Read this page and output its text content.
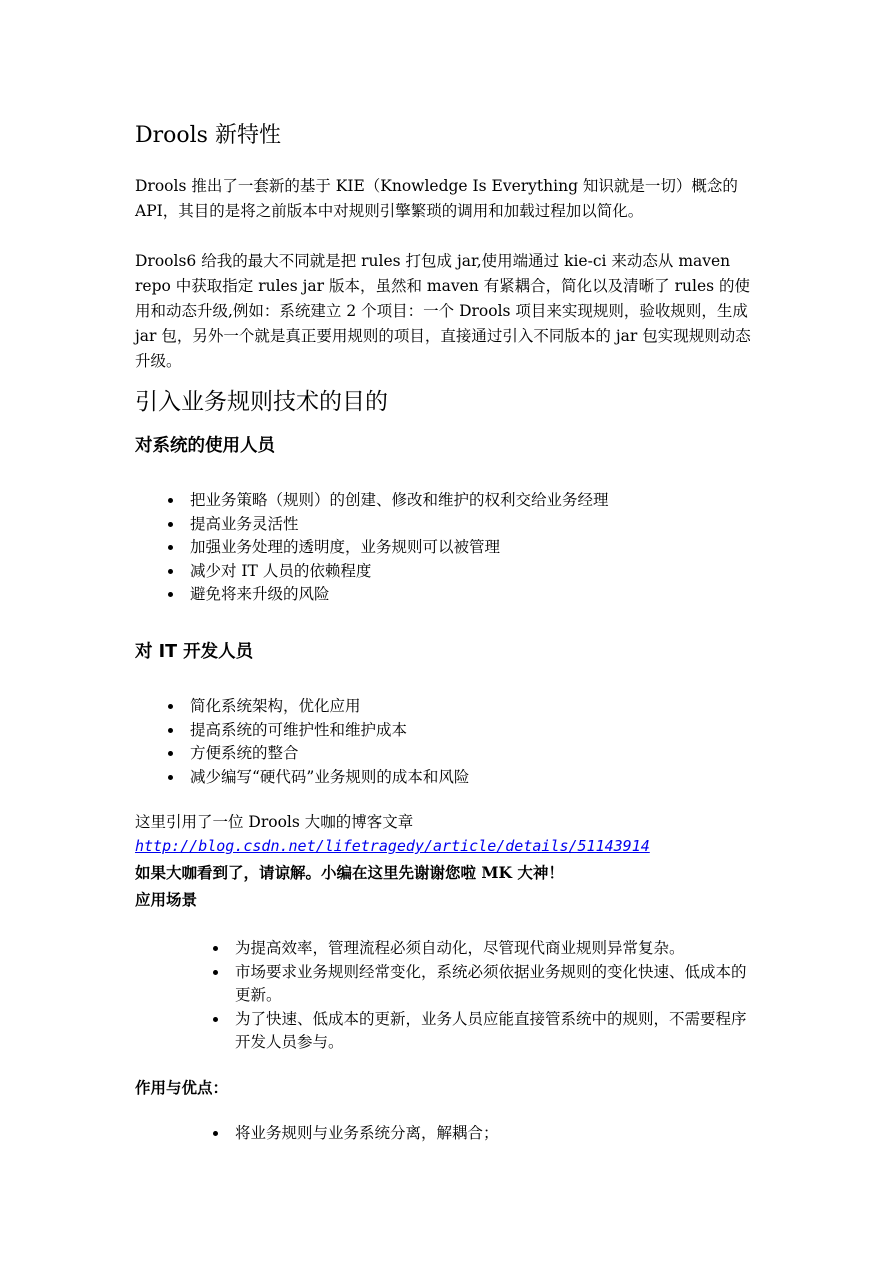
Drools 新特性

Drools 推出了一套新的基于 KIE（Knowledge Is Everything 知识就是一切）概念的 API，其目的是将之前版本中对规则引擎繁琐的调用和加载过程加以简化。

Drools6 给我的最大不同就是把 rules 打包成 jar,使用端通过 kie-ci 来动态从 maven repo 中获取指定 rules jar 版本，虽然和 maven 有紧耦合，简化以及清晰了 rules 的使用和动态升级,例如：系统建立 2 个项目：一个 Drools 项目来实现规则，验收规则，生成 jar 包，另外一个就是真正要用规则的项目，直接通过引入不同版本的 jar 包实现规则动态升级。

引入业务规则技术的目的
对系统的使用人员
把业务策略（规则）的创建、修改和维护的权利交给业务经理
提高业务灵活性
加强业务处理的透明度，业务规则可以被管理
减少对 IT 人员的依赖程度
避免将来升级的风险
对 IT 开发人员
简化系统架构，优化应用
提高系统的可维护性和维护成本
方便系统的整合
减少编写“硬代码”业务规则的成本和风险

这里引用了一位 Drools 大咖的博客文章

http://blog.csdn.net/lifetragedy/article/details/51143914

如果大咖看到了，请谅解。小编在这里先谢谢您啦 MK 大神！

应用场景

为提高效率，管理流程必须自动化，尽管现代商业规则异常复杂。
市场要求业务规则经常变化，系统必须依据业务规则的变化快速、低成本的更新。
为了快速、低成本的更新，业务人员应能直接管系统中的规则，不需要程序开发人员参与。

作用与优点：

将业务规则与业务系统分离，解耦合；
